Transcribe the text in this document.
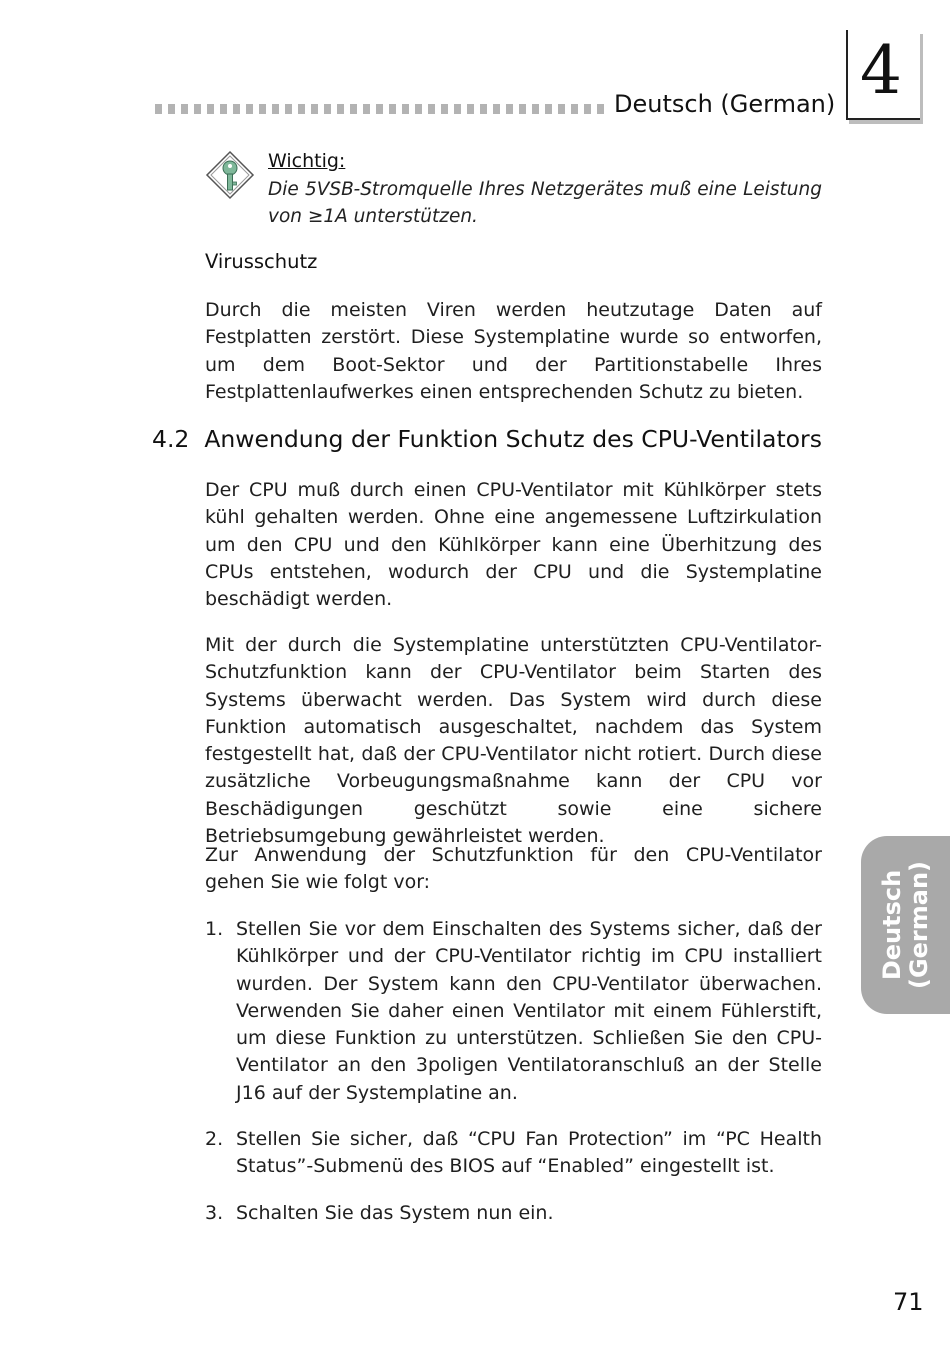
Deutsch (German) 4
Wichtig:
Die 5VSB-Stromquelle Ihres Netzgerätes muß eine Leistung von ≥1A unterstützen.
Virusschutz
Durch die meisten Viren werden heutzutage Daten auf Festplatten zerstört. Diese Systemplatine wurde so entworfen, um dem Boot-Sektor und der Partitionstabelle Ihres Festplattenlaufwerkes einen entsprechenden Schutz zu bieten.
4.2  Anwendung der Funktion Schutz des CPU-Ventilators
Der CPU muß durch einen CPU-Ventilator mit Kühlkörper stets kühl gehalten werden. Ohne eine angemessene Luftzirkulation um den CPU und den Kühlkörper kann eine Überhitzung des CPUs entstehen, wodurch der CPU und die Systemplatine beschädigt werden.
Mit der durch die Systemplatine unterstützten CPU-Ventilator-Schutzfunktion kann der CPU-Ventilator beim Starten des Systems überwacht werden. Das System wird durch diese Funktion automatisch ausgeschaltet, nachdem das System festgestellt hat, daß der CPU-Ventilator nicht rotiert. Durch diese zusätzliche Vorbeugungsmaßnahme kann der CPU vor Beschädigungen geschützt sowie eine sichere Betriebsumgebung gewährleistet werden.
Zur Anwendung der Schutzfunktion für den CPU-Ventilator gehen Sie wie folgt vor:
1. Stellen Sie vor dem Einschalten des Systems sicher, daß der Kühlkörper und der CPU-Ventilator richtig im CPU installiert wurden. Der System kann den CPU-Ventilator überwachen. Verwenden Sie daher einen Ventilator mit einem Fühlerstift, um diese Funktion zu unterstützen. Schließen Sie den CPU-Ventilator an den 3poligen Ventilatoranschluß an der Stelle J16 auf der Systemplatine an.
2. Stellen Sie sicher, daß “CPU Fan Protection” im “PC Health Status”-Submenü des BIOS auf “Enabled” eingestellt ist.
3. Schalten Sie das System nun ein.
Deutsch (German)
71
